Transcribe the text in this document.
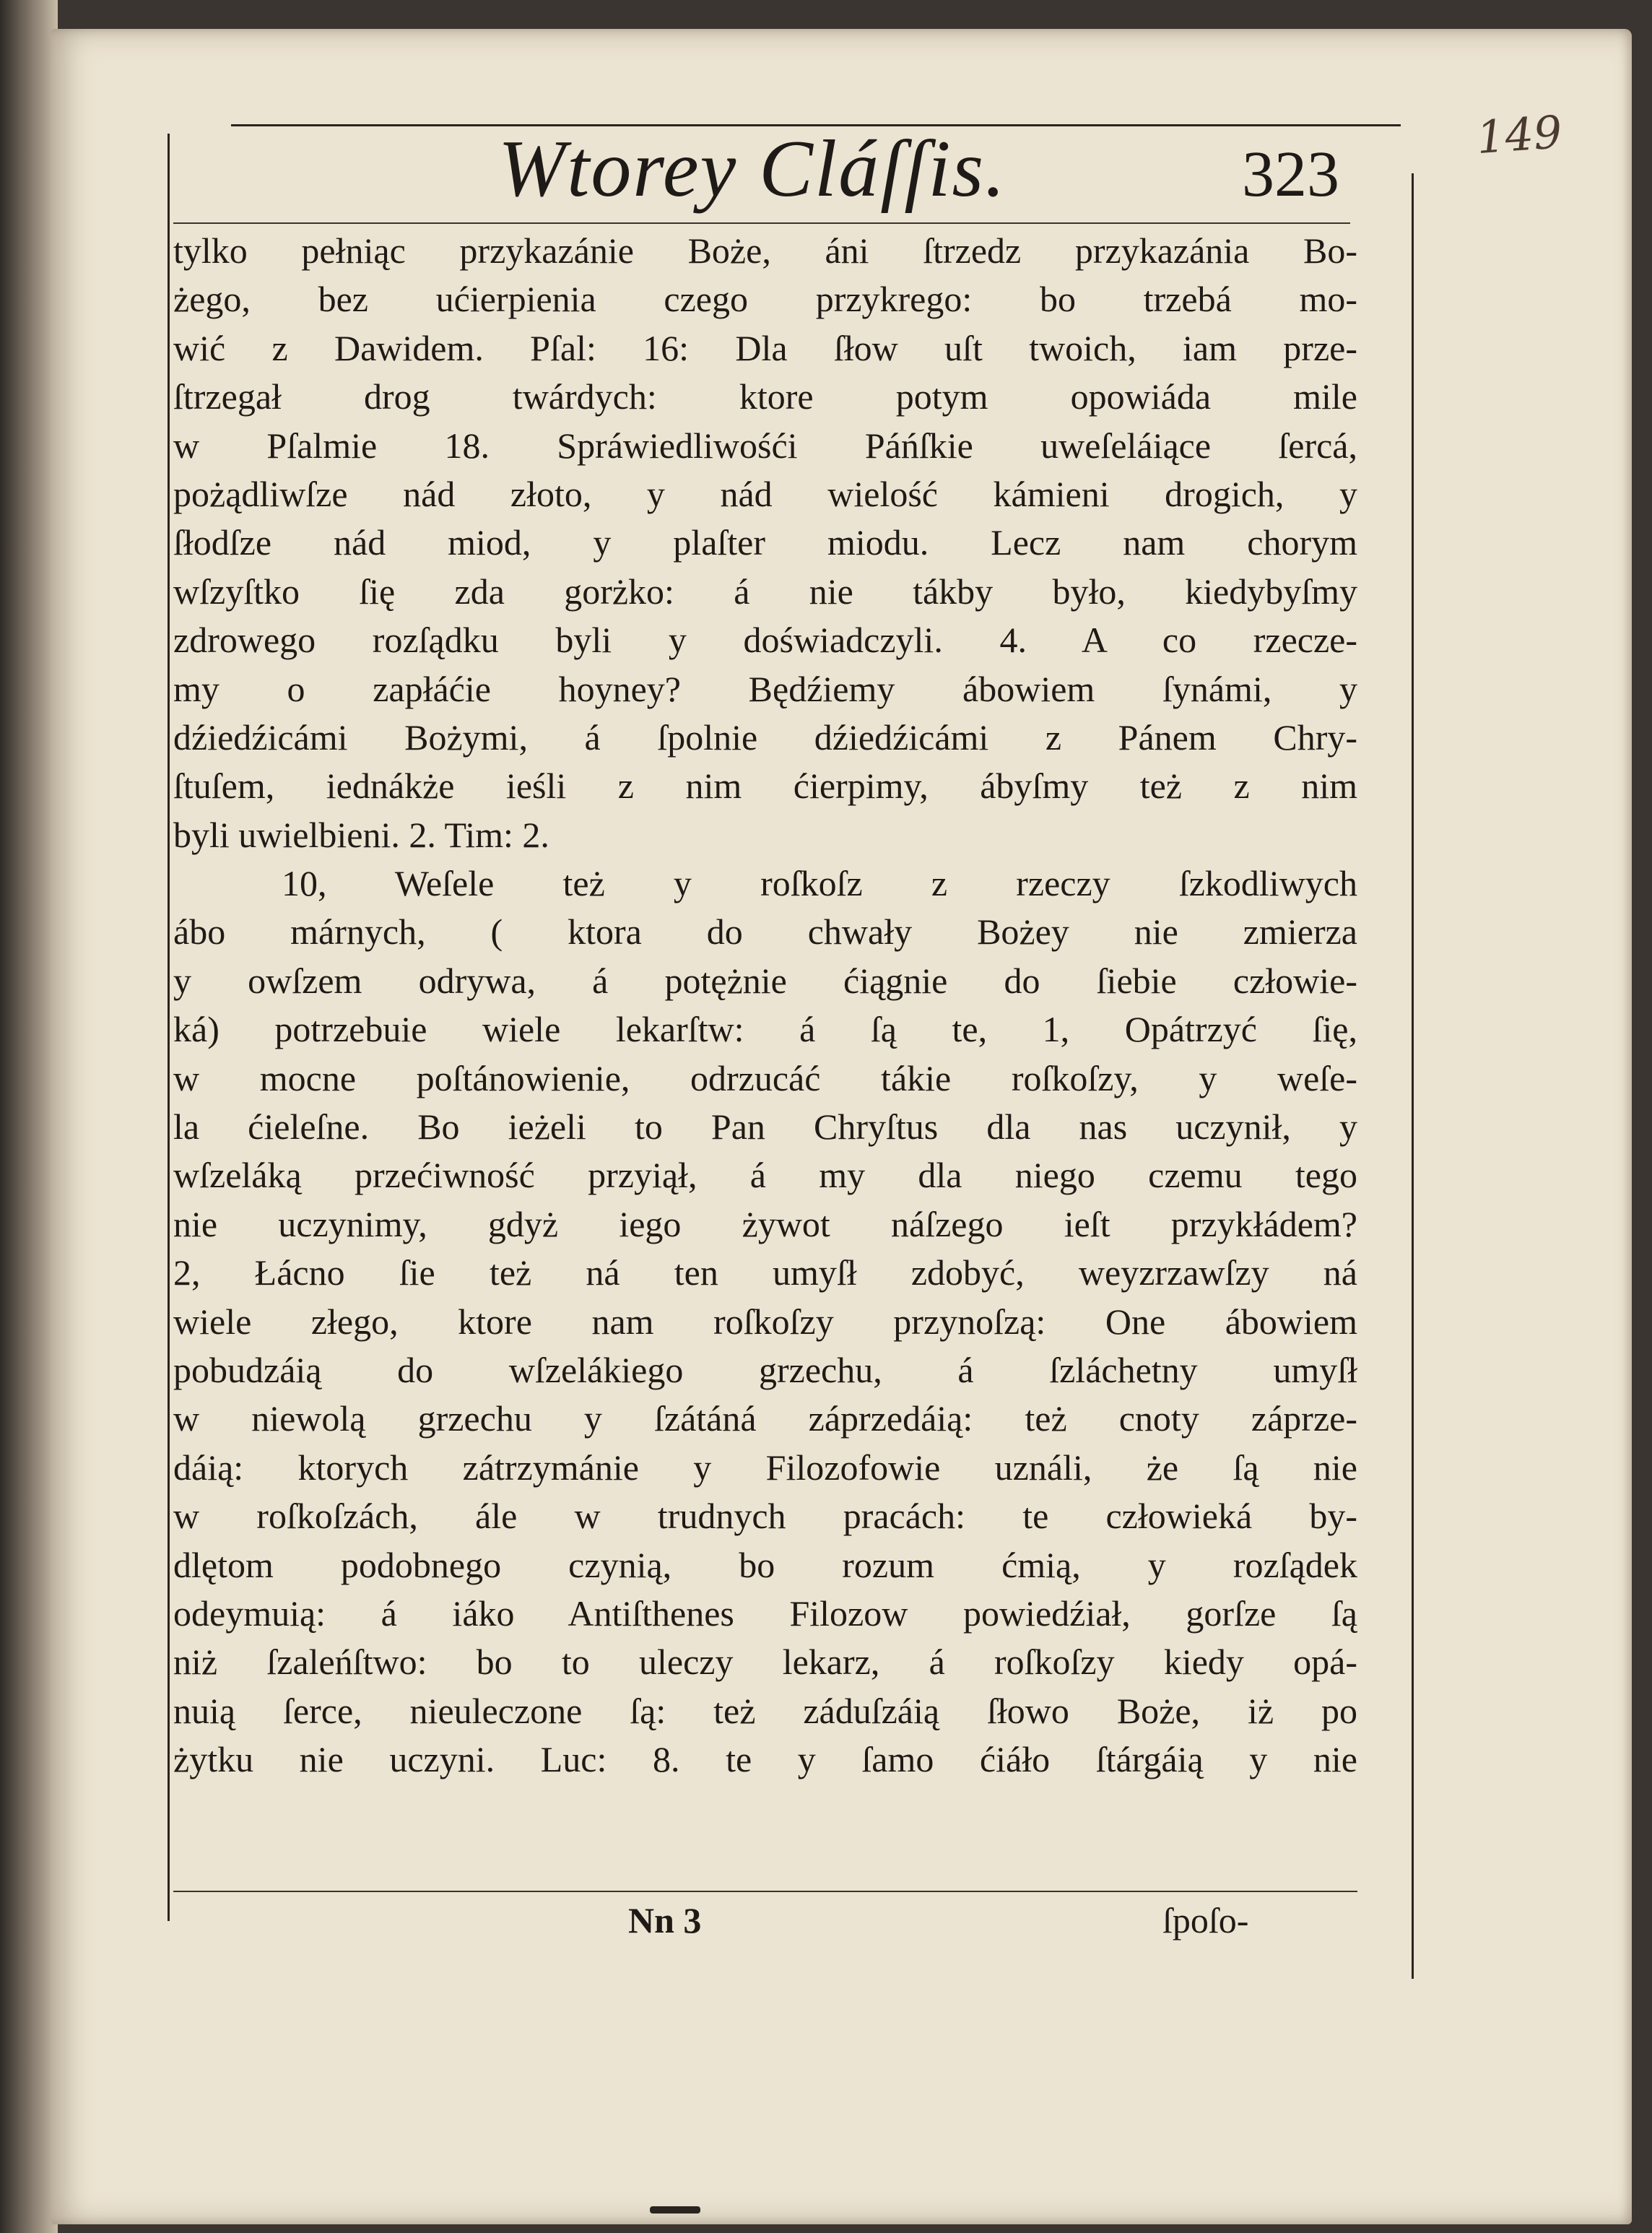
149
Wtorey Cláſſis.	323
tylko pełniąc przykazánie Boże, áni ſtrzedz przykazánia Bo-
żego, bez ućierpienia czego przykrego: bo trzebá mo-
wić z Dawidem. Pſal: 16: Dla ſłow uſt twoich, iam prze-
ſtrzegał drog twárdych: ktore potym opowiáda mile
w Pſalmie 18. Spráwiedliwośći Páńſkie uweſeláiące ſercá,
pożądliwſze nád złoto, y nád wielość kámieni drogich, y
ſłodſze nád miod, y plaſter miodu. Lecz nam chorym
wſzyſtko ſię zda gorżko: á nie tákby było, kiedybyſmy
zdrowego rozſądku byli y doświadczyli. 4. A co rzecze-
my o zapłáćie hoyney? Będźiemy ábowiem ſynámi, y
dźiedźicámi Bożymi, á ſpolnie dźiedźicámi z Pánem Chry-
ſtuſem, iednákże ieśli z nim ćierpimy, ábyſmy też z nim
byli uwielbieni. 2. Tim: 2.
10, Weſele też y roſkoſz z rzeczy ſzkodliwych
ábo márnych, ( ktora do chwały Bożey nie zmierza
y owſzem odrywa, á potężnie ćiągnie do ſiebie człowie-
ká) potrzebuie wiele lekarſtw: á ſą te, 1, Opátrzyć ſię,
w mocne poſtánowienie, odrzucáć tákie roſkoſzy, y weſe-
la ćieleſne. Bo ieżeli to Pan Chryſtus dla nas uczynił, y
wſzeláką przećiwność przyiął, á my dla niego czemu tego
nie uczynimy, gdyż iego żywot náſzego ieſt przykłádem?
2, Łácno ſie też ná ten umyſł zdobyć, weyzrzawſzy ná
wiele złego, ktore nam roſkoſzy przynoſzą: One ábowiem
pobudzáią do wſzelákiego grzechu, á ſzláchetny umyſł
w niewolą grzechu y ſzátáná záprzedáią: też cnoty záprze-
dáią: ktorych zátrzymánie y Filozofowie uználi, że ſą nie
w roſkoſzách, ále w trudnych pracách: te człowieká by-
dlętom podobnego czynią, bo rozum ćmią, y rozſądek
odeymuią: á iáko Antiſthenes Filozow powiedźiał, gorſze ſą
niż ſzaleńſtwo: bo to uleczy lekarz, á roſkoſzy kiedy opá-
nuią ſerce, nieuleczone ſą: też záduſzáią ſłowo Boże, iż po
żytku nie uczyni. Luc: 8. te y ſamo ćiáło ſtárgáią y nie
Nn 3	ſpoſo-
